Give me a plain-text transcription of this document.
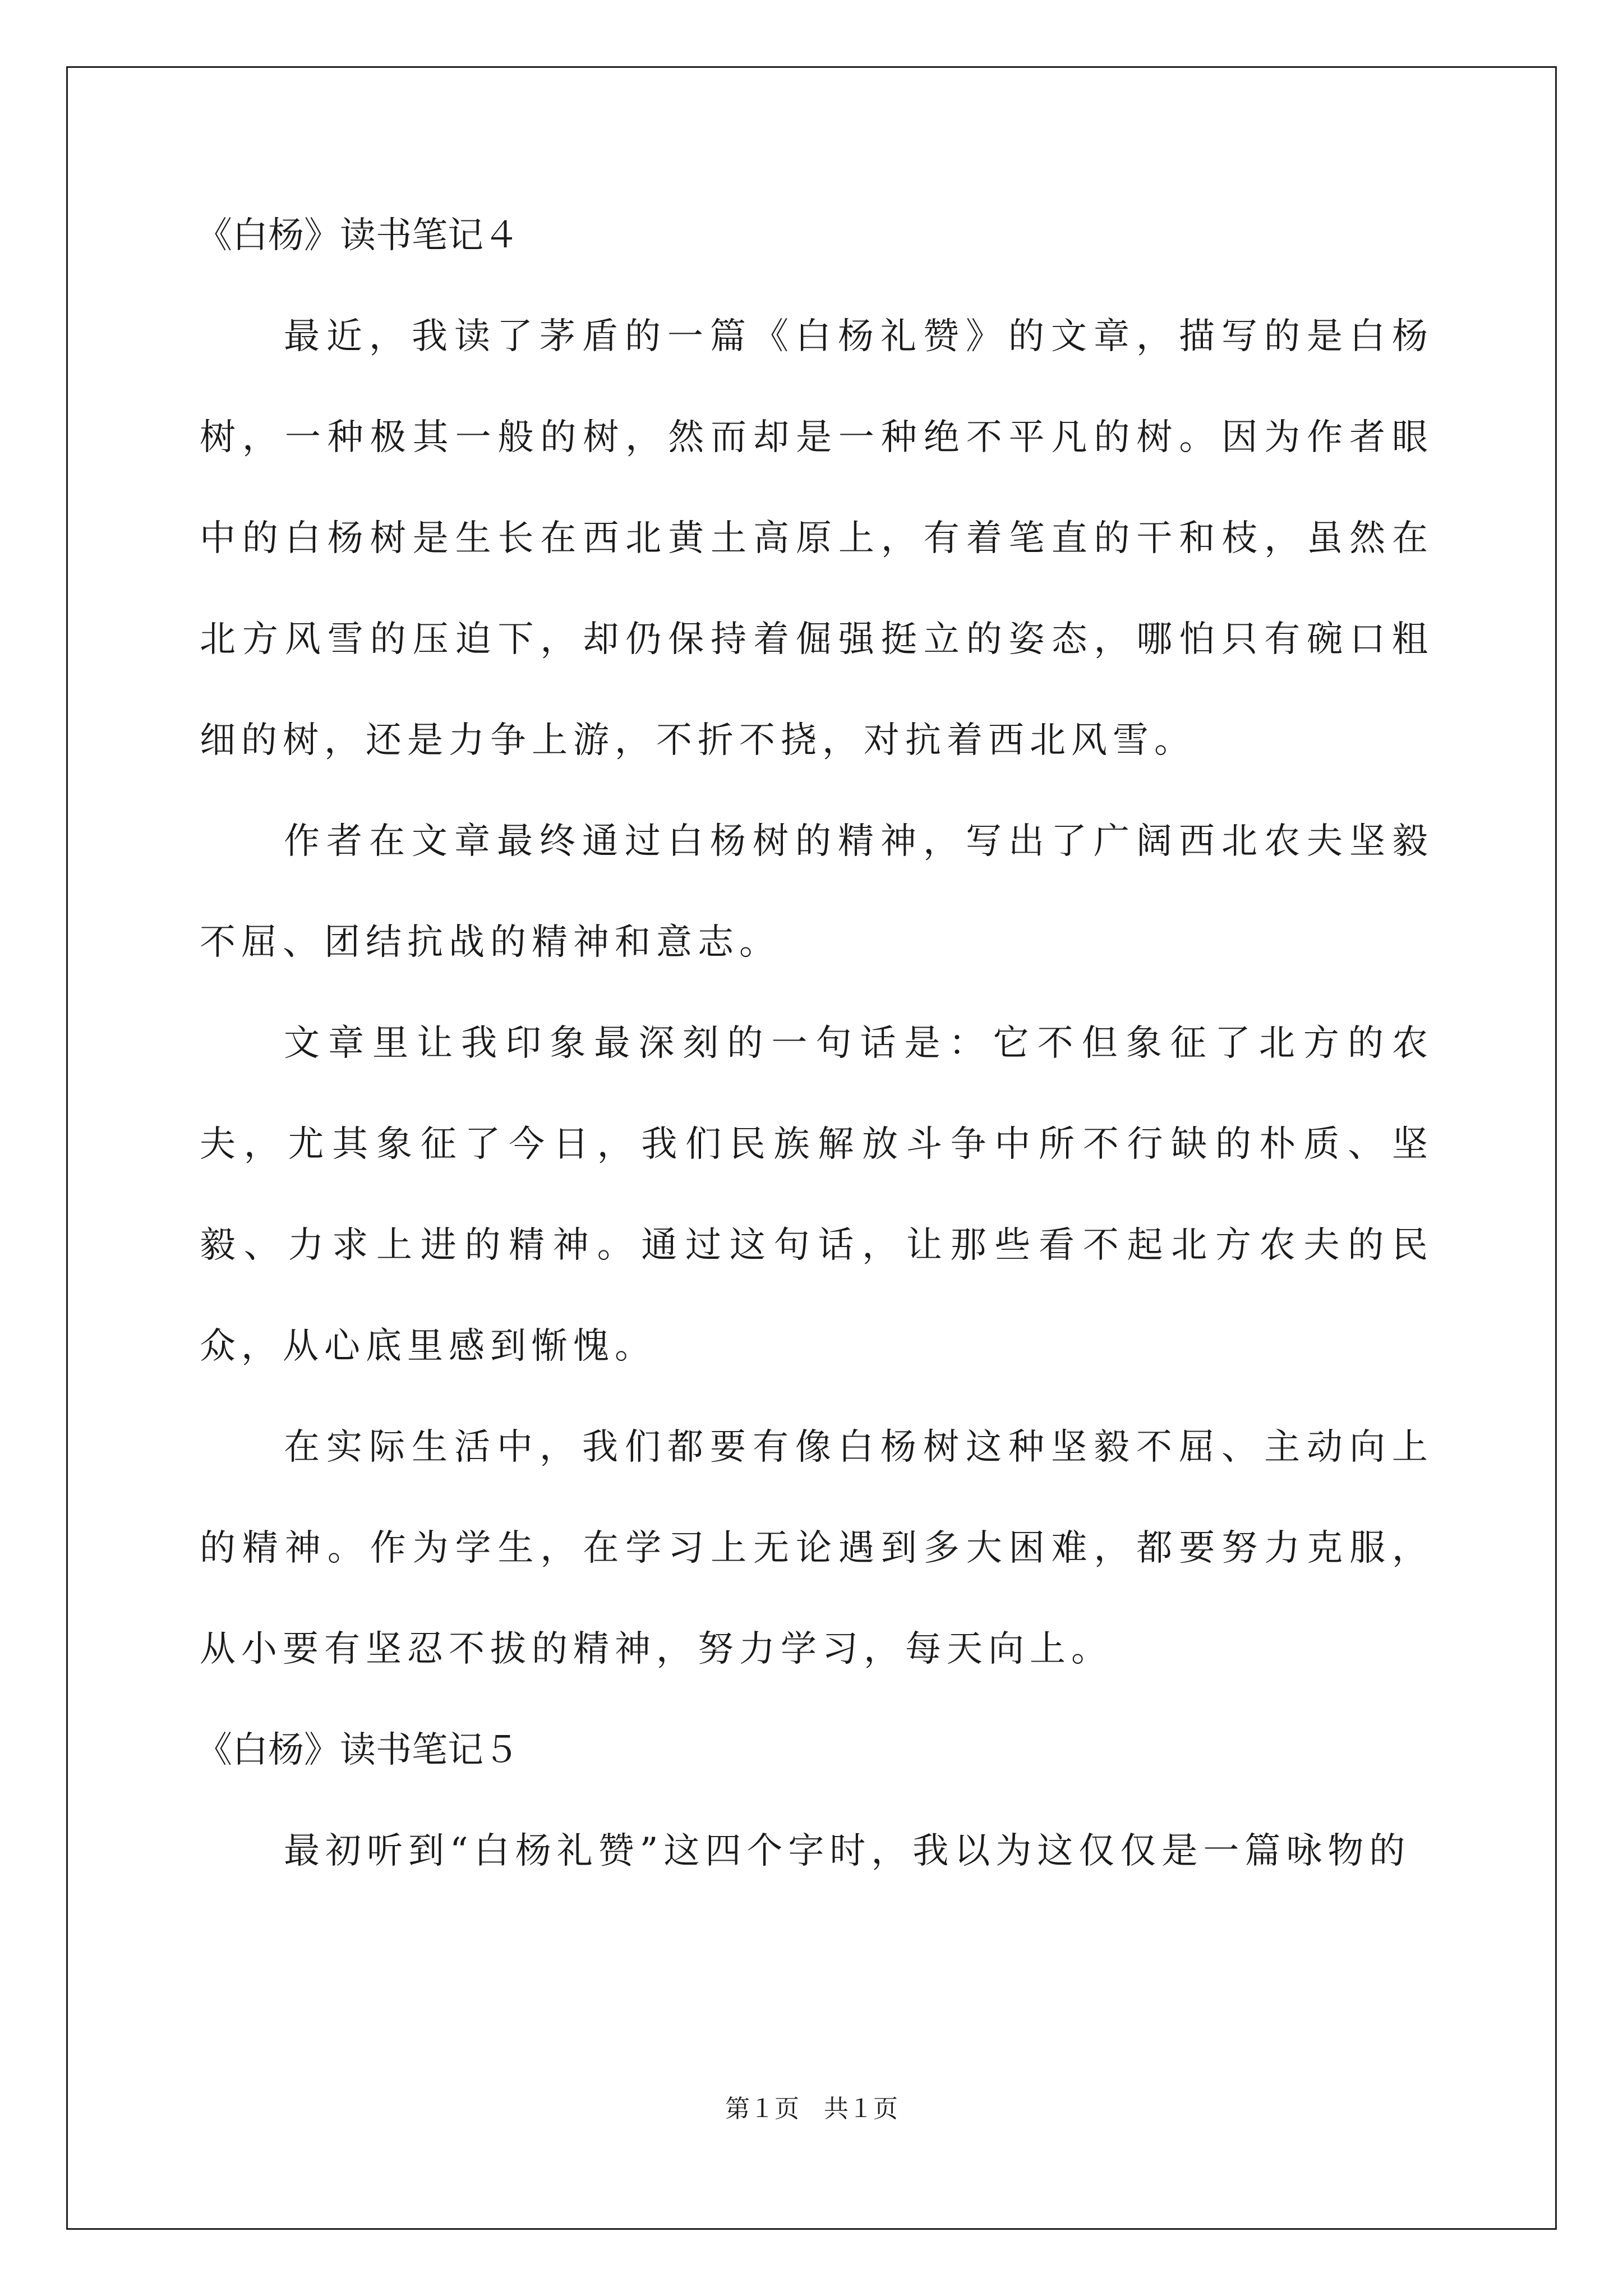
《白杨》读书笔记４

最近，我读了茅盾的一篇《白杨礼赞》的文章，描写的是白杨树，一种极其一般的树，然而却是一种绝不平凡的树。因为作者眼中的白杨树是生长在西北黄土高原上，有着笔直的干和枝，虽然在北方风雪的压迫下，却仍保持着倔强挺立的姿态，哪怕只有碗口粗细的树，还是力争上游，不折不挠，对抗着西北风雪。

作者在文章最终通过白杨树的精神，写出了广阔西北农夫坚毅不屈、团结抗战的精神和意志。

文章里让我印象最深刻的一句话是：它不但象征了北方的农夫，尤其象征了今日，我们民族解放斗争中所不行缺的朴质、坚毅、力求上进的精神。通过这句话，让那些看不起北方农夫的民众，从心底里感到惭愧。

在实际生活中，我们都要有像白杨树这种坚毅不屈、主动向上的精神。作为学生，在学习上无论遇到多大困难，都要努力克服，从小要有坚忍不拔的精神，努力学习，每天向上。

《白杨》读书笔记５

最初听到“白杨礼赞”这四个字时，我以为这仅仅是一篇咏物的

第１页　共１页
